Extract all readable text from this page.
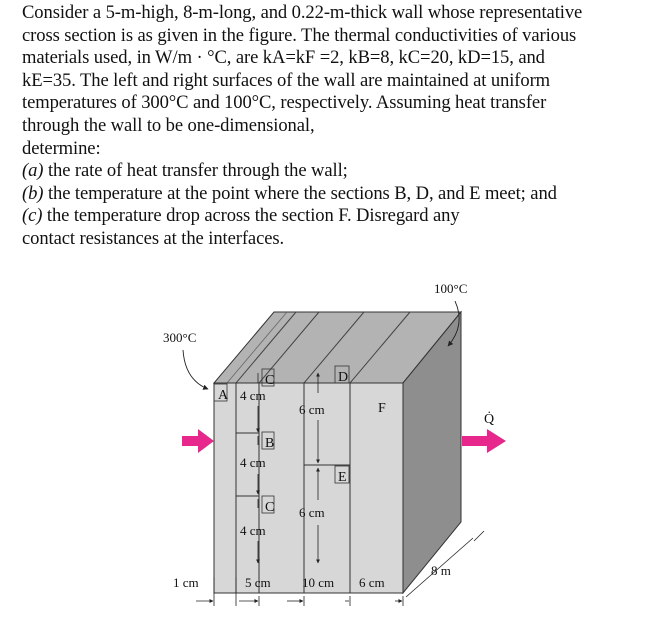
Consider a 5-m-high, 8-m-long, and 0.22-m-thick wall whose representative

cross section is as given in the figure. The thermal conductivities of various

materials used, in W/m · °C, are kA=kF =2, kB=8, kC=20, kD=15, and

kE=35. The left and right surfaces of the wall are maintained at uniform

temperatures of 300°C and 100°C, respectively. Assuming heat transfer

through the wall to be one-dimensional,

determine:

(a) the rate of heat transfer through the wall;

(b) the temperature at the point where the sections B, D, and E meet; and

(c) the temperature drop across the section F. Disregard any

contact resistances at the interfaces.

A
C	D
F
B
E
C
4 cm
4 cm
4 cm
6 cm
6 cm
Q̇
300°C
100°C
1 cm	5 cm 10 cm 6 cm
8 m
